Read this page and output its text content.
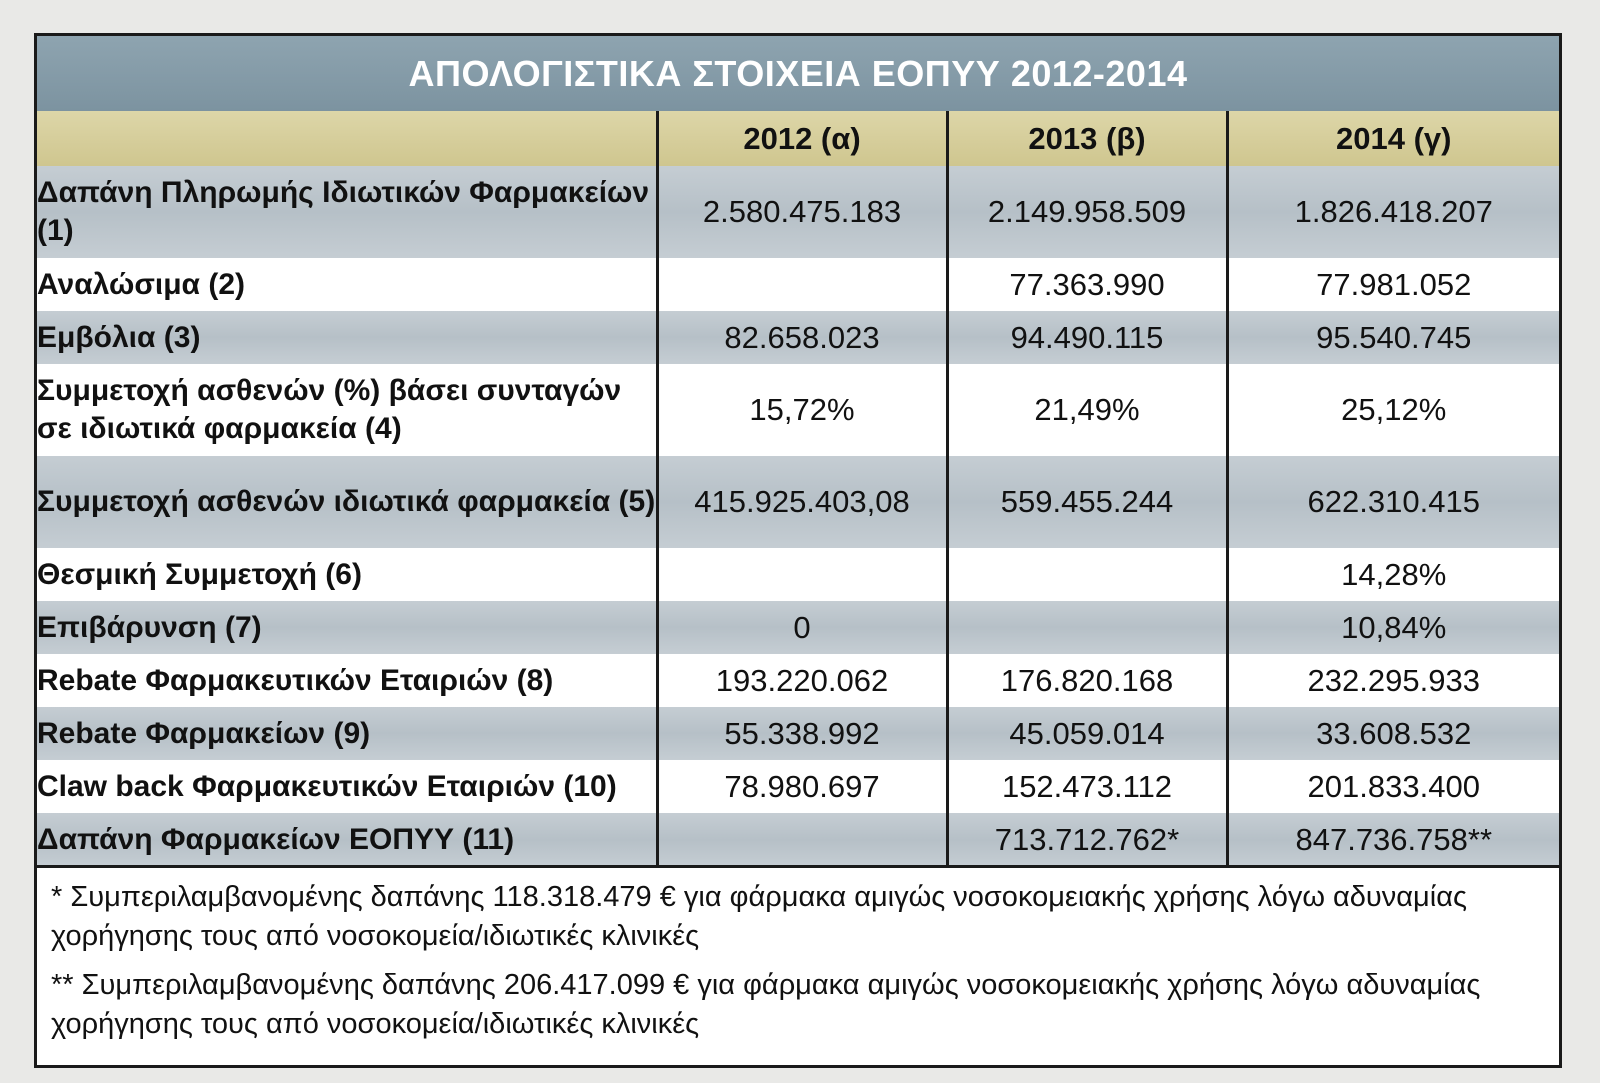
ΑΠΟΛΟΓΙΣΤΙΚΑ ΣΤΟΙΧΕΙΑ ΕΟΠΥΥ 2012-2014
	2012 (α)	2013 (β)	2014 (γ)
Δαπάνη Πληρωμής Ιδιωτικών Φαρμακείων (1)	2.580.475.183	2.149.958.509	1.826.418.207
Αναλώσιμα (2)		77.363.990	77.981.052
Εμβόλια (3)	82.658.023	94.490.115	95.540.745
Συμμετοχή ασθενών (%) βάσει συνταγών σε ιδιωτικά φαρμακεία (4)	15,72%	21,49%	25,12%
Συμμετοχή ασθενών ιδιωτικά φαρμακεία (5)	415.925.403,08	559.455.244	622.310.415
Θεσμική Συμμετοχή (6)			14,28%
Επιβάρυνση (7)	0		10,84%
Rebate Φαρμακευτικών Εταιριών (8)	193.220.062	176.820.168	232.295.933
Rebate Φαρμακείων (9)	55.338.992	45.059.014	33.608.532
Claw back Φαρμακευτικών Εταιριών (10)	78.980.697	152.473.112	201.833.400
Δαπάνη Φαρμακείων ΕΟΠΥΥ (11)		713.712.762*	847.736.758**

* Συμπεριλαμβανομένης δαπάνης 118.318.479 € για φάρμακα αμιγώς νοσοκομειακής χρήσης λόγω αδυναμίας χορήγησης τους από νοσοκομεία/ιδιωτικές κλινικές

** Συμπεριλαμβανομένης δαπάνης 206.417.099 € για φάρμακα αμιγώς νοσοκομειακής χρήσης λόγω αδυναμίας χορήγησης τους από νοσοκομεία/ιδιωτικές κλινικές
